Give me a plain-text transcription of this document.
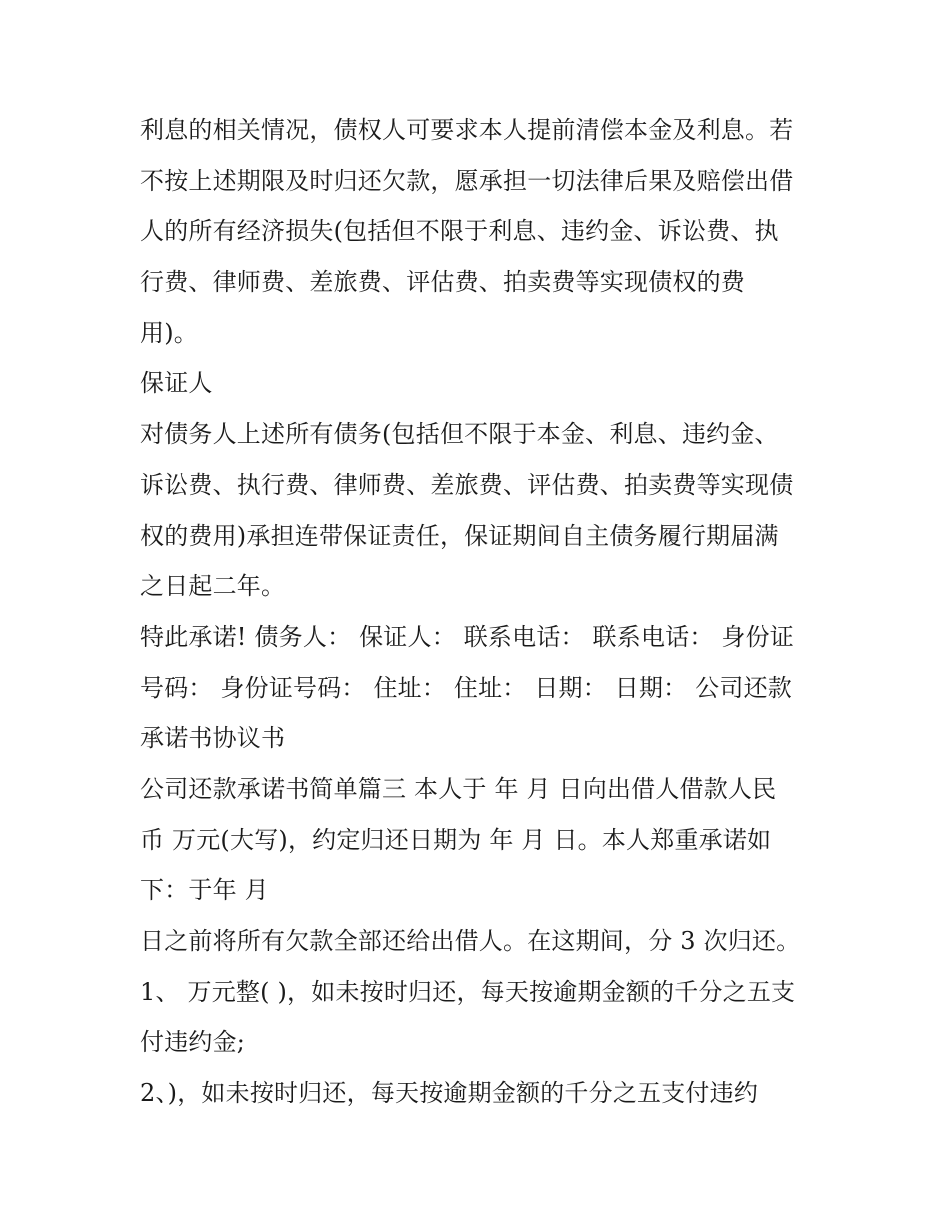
利息的相关情况，债权人可要求本人提前清偿本金及利息。若
不按上述期限及时归还欠款，愿承担一切法律后果及赔偿出借
人的所有经济损失(包括但不限于利息、违约金、诉讼费、执
行费、律师费、差旅费、评估费、拍卖费等实现债权的费
用)。
保证人
对债务人上述所有债务(包括但不限于本金、利息、违约金、
诉讼费、执行费、律师费、差旅费、评估费、拍卖费等实现债
权的费用)承担连带保证责任，保证期间自主债务履行期届满
之日起二年。
特此承诺! 债务人： 保证人： 联系电话： 联系电话： 身份证
号码： 身份证号码： 住址： 住址： 日期： 日期： 公司还款
承诺书协议书
公司还款承诺书简单篇三 本人于 年 月 日向出借人借款人民
币 万元(大写)，约定归还日期为 年 月 日。本人郑重承诺如
下：于年 月
日之前将所有欠款全部还给出借人。在这期间，分 3 次归还。
1、 万元整( )，如未按时归还，每天按逾期金额的千分之五支
付违约金;
2、)，如未按时归还，每天按逾期金额的千分之五支付违约
